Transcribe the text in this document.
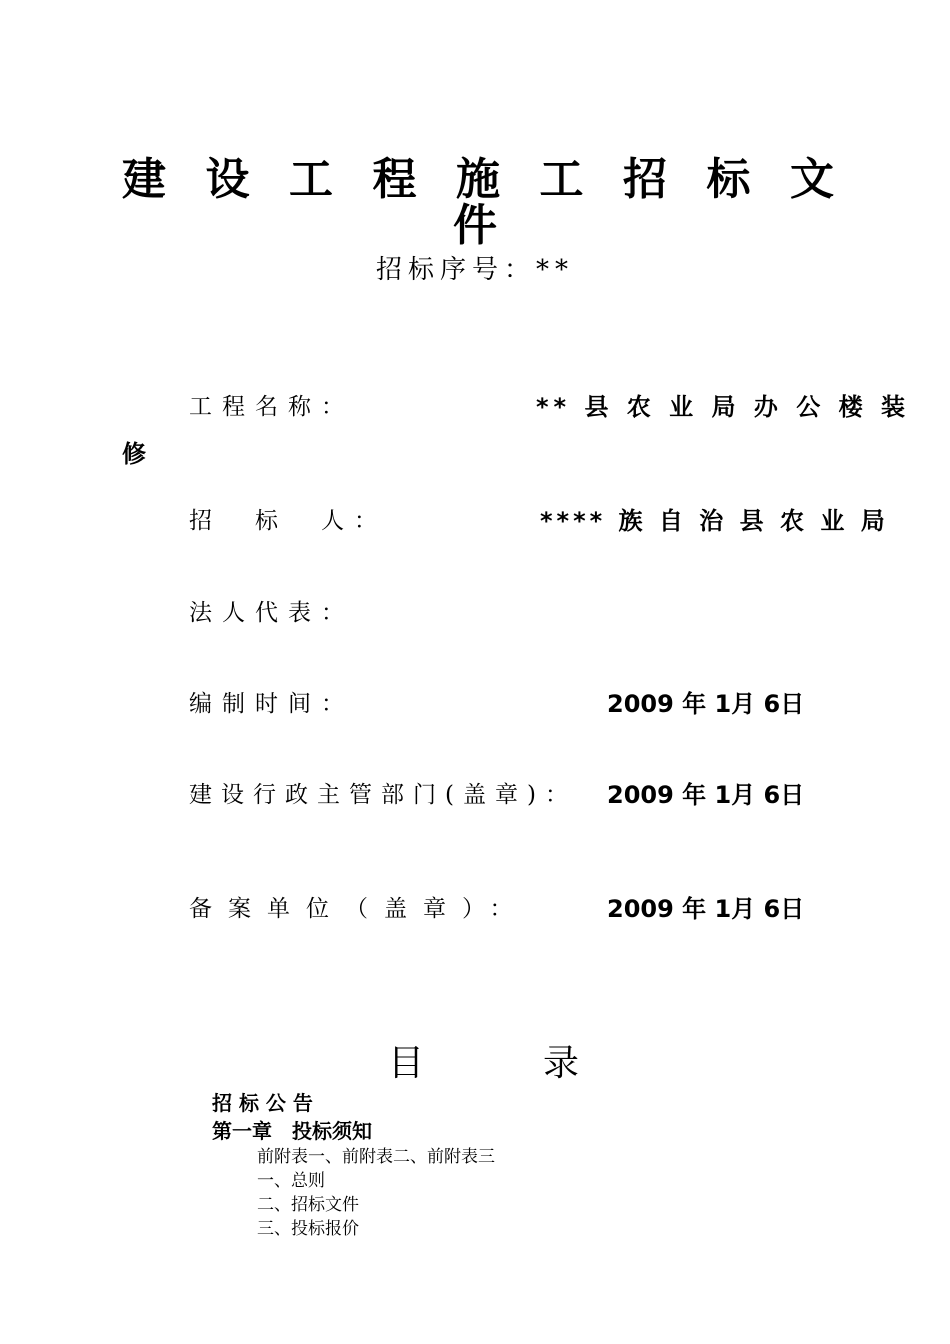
建 设 工 程 施 工 招 标 文
件
招标序号：**
工程名称：	** 县 农 业 局 办 公 楼 装
修
招　标　人：	**** 族 自 治 县 农 业 局
法人代表：
编制时间：	2009 年 1月 6日
建设行政主管部门(盖章)： 2009 年 1月 6日
备案单位（盖章）：	2009 年 1月 6日
目	录
招 标 公 告
第一章　投标须知
前附表一、前附表二、前附表三
一、总则
二、招标文件
三、投标报价
